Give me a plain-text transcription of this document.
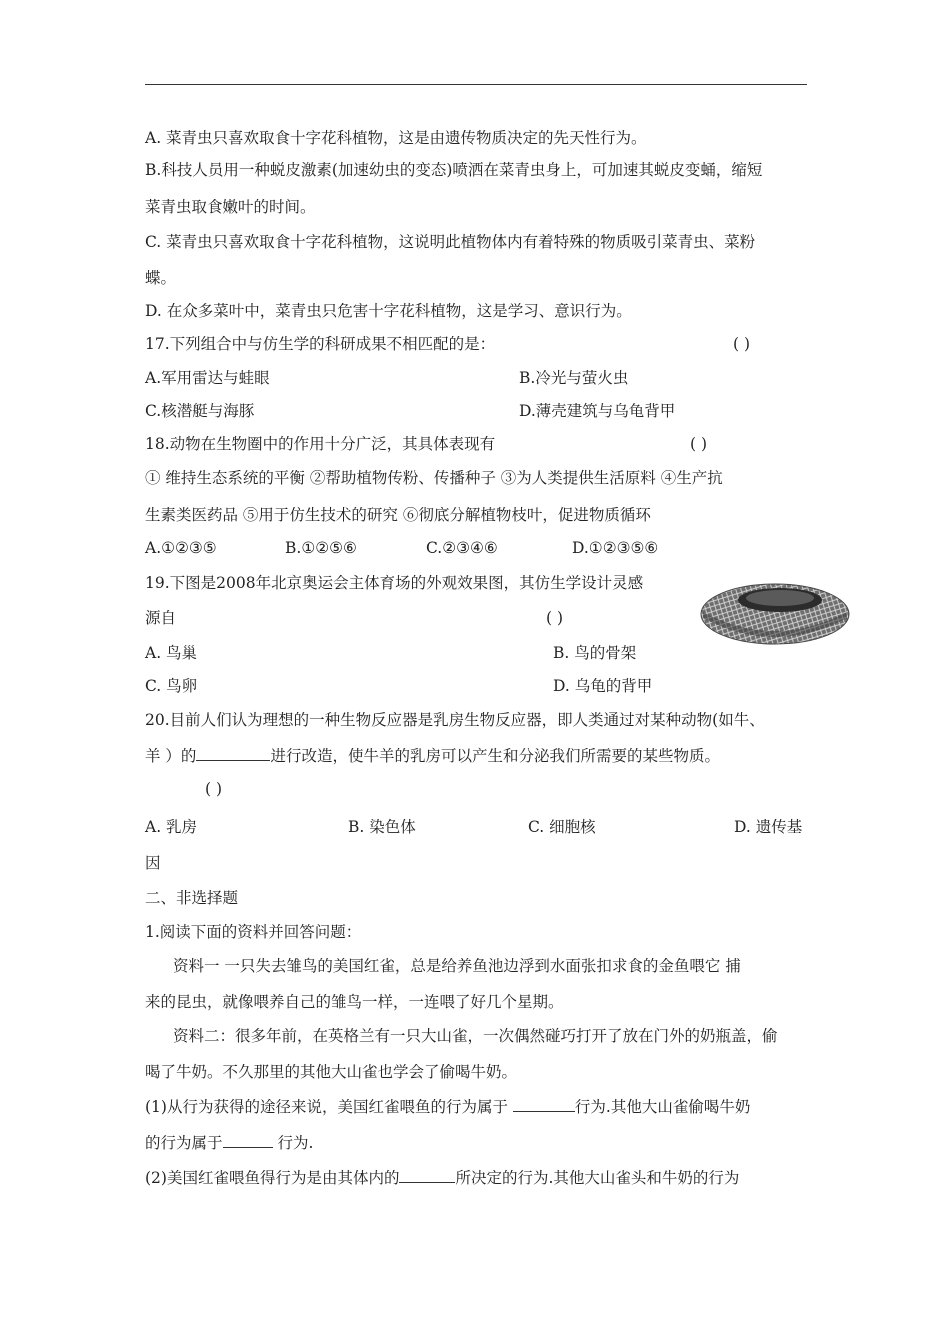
A. 菜青虫只喜欢取食十字花科植物，这是由遗传物质决定的先天性行为。
B.科技人员用一种蜕皮激素(加速幼虫的变态)喷洒在菜青虫身上，可加速其蜕皮变蛹，缩短
菜青虫取食嫩叶的时间。
C. 菜青虫只喜欢取食十字花科植物，这说明此植物体内有着特殊的物质吸引菜青虫、菜粉
蝶。
D. 在众多菜叶中，菜青虫只危害十字花科植物，这是学习、意识行为。
17.下列组合中与仿生学的科研成果不相匹配的是：	( )
A.军用雷达与蛙眼	B.冷光与萤火虫
C.核潜艇与海豚	D.薄壳建筑与乌龟背甲
18.动物在生物圈中的作用十分广泛，其具体表现有	( )
① 维持生态系统的平衡 ②帮助植物传粉、传播种子 ③为人类提供生活原料 ④生产抗
生素类医药品 ⑤用于仿生技术的研究 ⑥彻底分解植物枝叶，促进物质循环
A.①②③⑤	B.①②⑤⑥	C.②③④⑥	D.①②③⑤⑥
19.下图是2008年北京奥运会主体育场的外观效果图，其仿生学设计灵感
源自	( )
A. 鸟巢	B. 鸟的骨架
C. 鸟卵	D. 乌龟的背甲
20.目前人们认为理想的一种生物反应器是乳房生物反应器，即人类通过对某种动物(如牛、
羊 ）的	进行改造，使牛羊的乳房可以产生和分泌我们所需要的某些物质。
( )
A. 乳房	B. 染色体	C. 细胞核	D. 遗传基
因
二、非选择题
1.阅读下面的资料并回答问题：
资料一 一只失去雏鸟的美国红雀，总是给养鱼池边浮到水面张扣求食的金鱼喂它 捕
来的昆虫，就像喂养自己的雏鸟一样，一连喂了好几个星期。
资料二：很多年前，在英格兰有一只大山雀，一次偶然碰巧打开了放在门外的奶瓶盖，偷
喝了牛奶。不久那里的其他大山雀也学会了偷喝牛奶。
(1)从行为获得的途径来说，美国红雀喂鱼的行为属于	行为.其他大山雀偷喝牛奶
的行为属于	行为.
(2)美国红雀喂鱼得行为是由其体内的	所决定的行为.其他大山雀头和牛奶的行为
